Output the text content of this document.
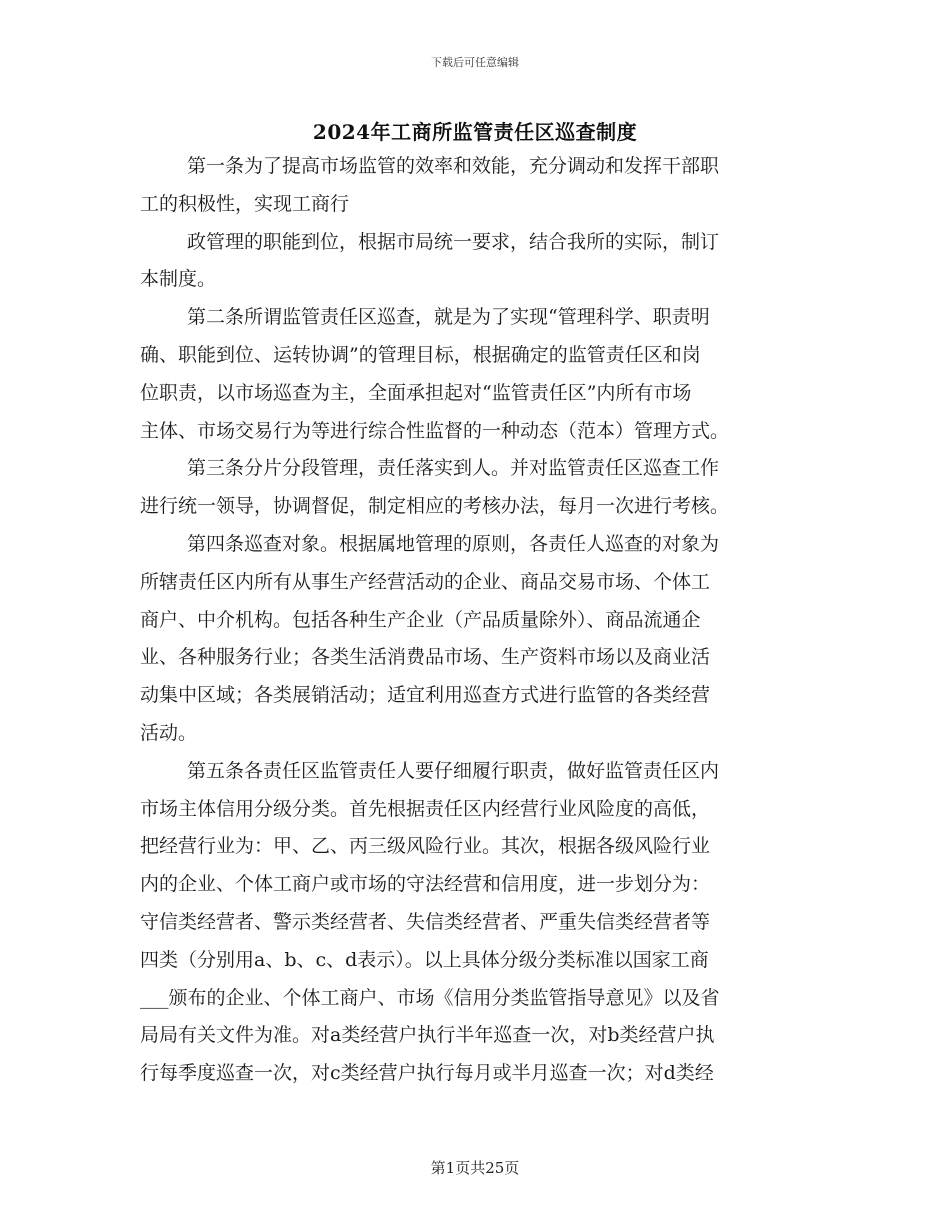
下载后可任意编辑
2024年工商所监管责任区巡查制度
第一条为了提高市场监管的效率和效能，充分调动和发挥干部职
工的积极性，实现工商行
政管理的职能到位，根据市局统一要求，结合我所的实际，制订
本制度。
第二条所谓监管责任区巡查，就是为了实现“管理科学、职责明
确、职能到位、运转协调”的管理目标，根据确定的监管责任区和岗
位职责，以市场巡查为主，全面承担起对“监管责任区”内所有市场
主体、市场交易行为等进行综合性监督的一种动态（范本）管理方式。
第三条分片分段管理，责任落实到人。并对监管责任区巡查工作
进行统一领导，协调督促，制定相应的考核办法，每月一次进行考核。
第四条巡查对象。根据属地管理的原则，各责任人巡查的对象为
所辖责任区内所有从事生产经营活动的企业、商品交易市场、个体工
商户、中介机构。包括各种生产企业（产品质量除外）、商品流通企
业、各种服务行业；各类生活消费品市场、生产资料市场以及商业活
动集中区域；各类展销活动；适宜利用巡查方式进行监管的各类经营
活动。
第五条各责任区监管责任人要仔细履行职责，做好监管责任区内
市场主体信用分级分类。首先根据责任区内经营行业风险度的高低，
把经营行业为：甲、乙、丙三级风险行业。其次，根据各级风险行业
内的企业、个体工商户或市场的守法经营和信用度，进一步划分为：
守信类经营者、警示类经营者、失信类经营者、严重失信类经营者等
四类（分别用a、b、c、d表示）。以上具体分级分类标准以国家工商
___颁布的企业、个体工商户、市场《信用分类监管指导意见》以及省
局局有关文件为准。对a类经营户执行半年巡查一次，对b类经营户执
行每季度巡查一次，对c类经营户执行每月或半月巡查一次；对d类经
第1页共25页
